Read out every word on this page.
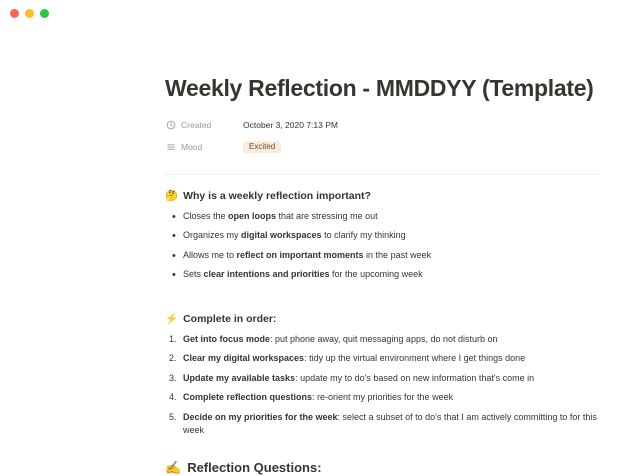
Weekly Reflection - MMDDYY (Template)
Created	October 3, 2020 7:13 PM
Mood	Excited
🤔 Why is a weekly reflection important?
• Closes the open loops that are stressing me out
• Organizes my digital workspaces to clarify my thinking
• Allows me to reflect on important moments in the past week
• Sets clear intentions and priorities for the upcoming week
⚡ Complete in order:
Get into focus mode: put phone away, quit messaging apps, do not disturb on
Clear my digital workspaces: tidy up the virtual environment where I get things done
Update my available tasks: update my to do's based on new information that's come in
Complete reflection questions: re-orient my priorities for the week
Decide on my priorities for the week: select a subset of to do's that I am actively committing to for this week
✍️ Reflection Questions:
